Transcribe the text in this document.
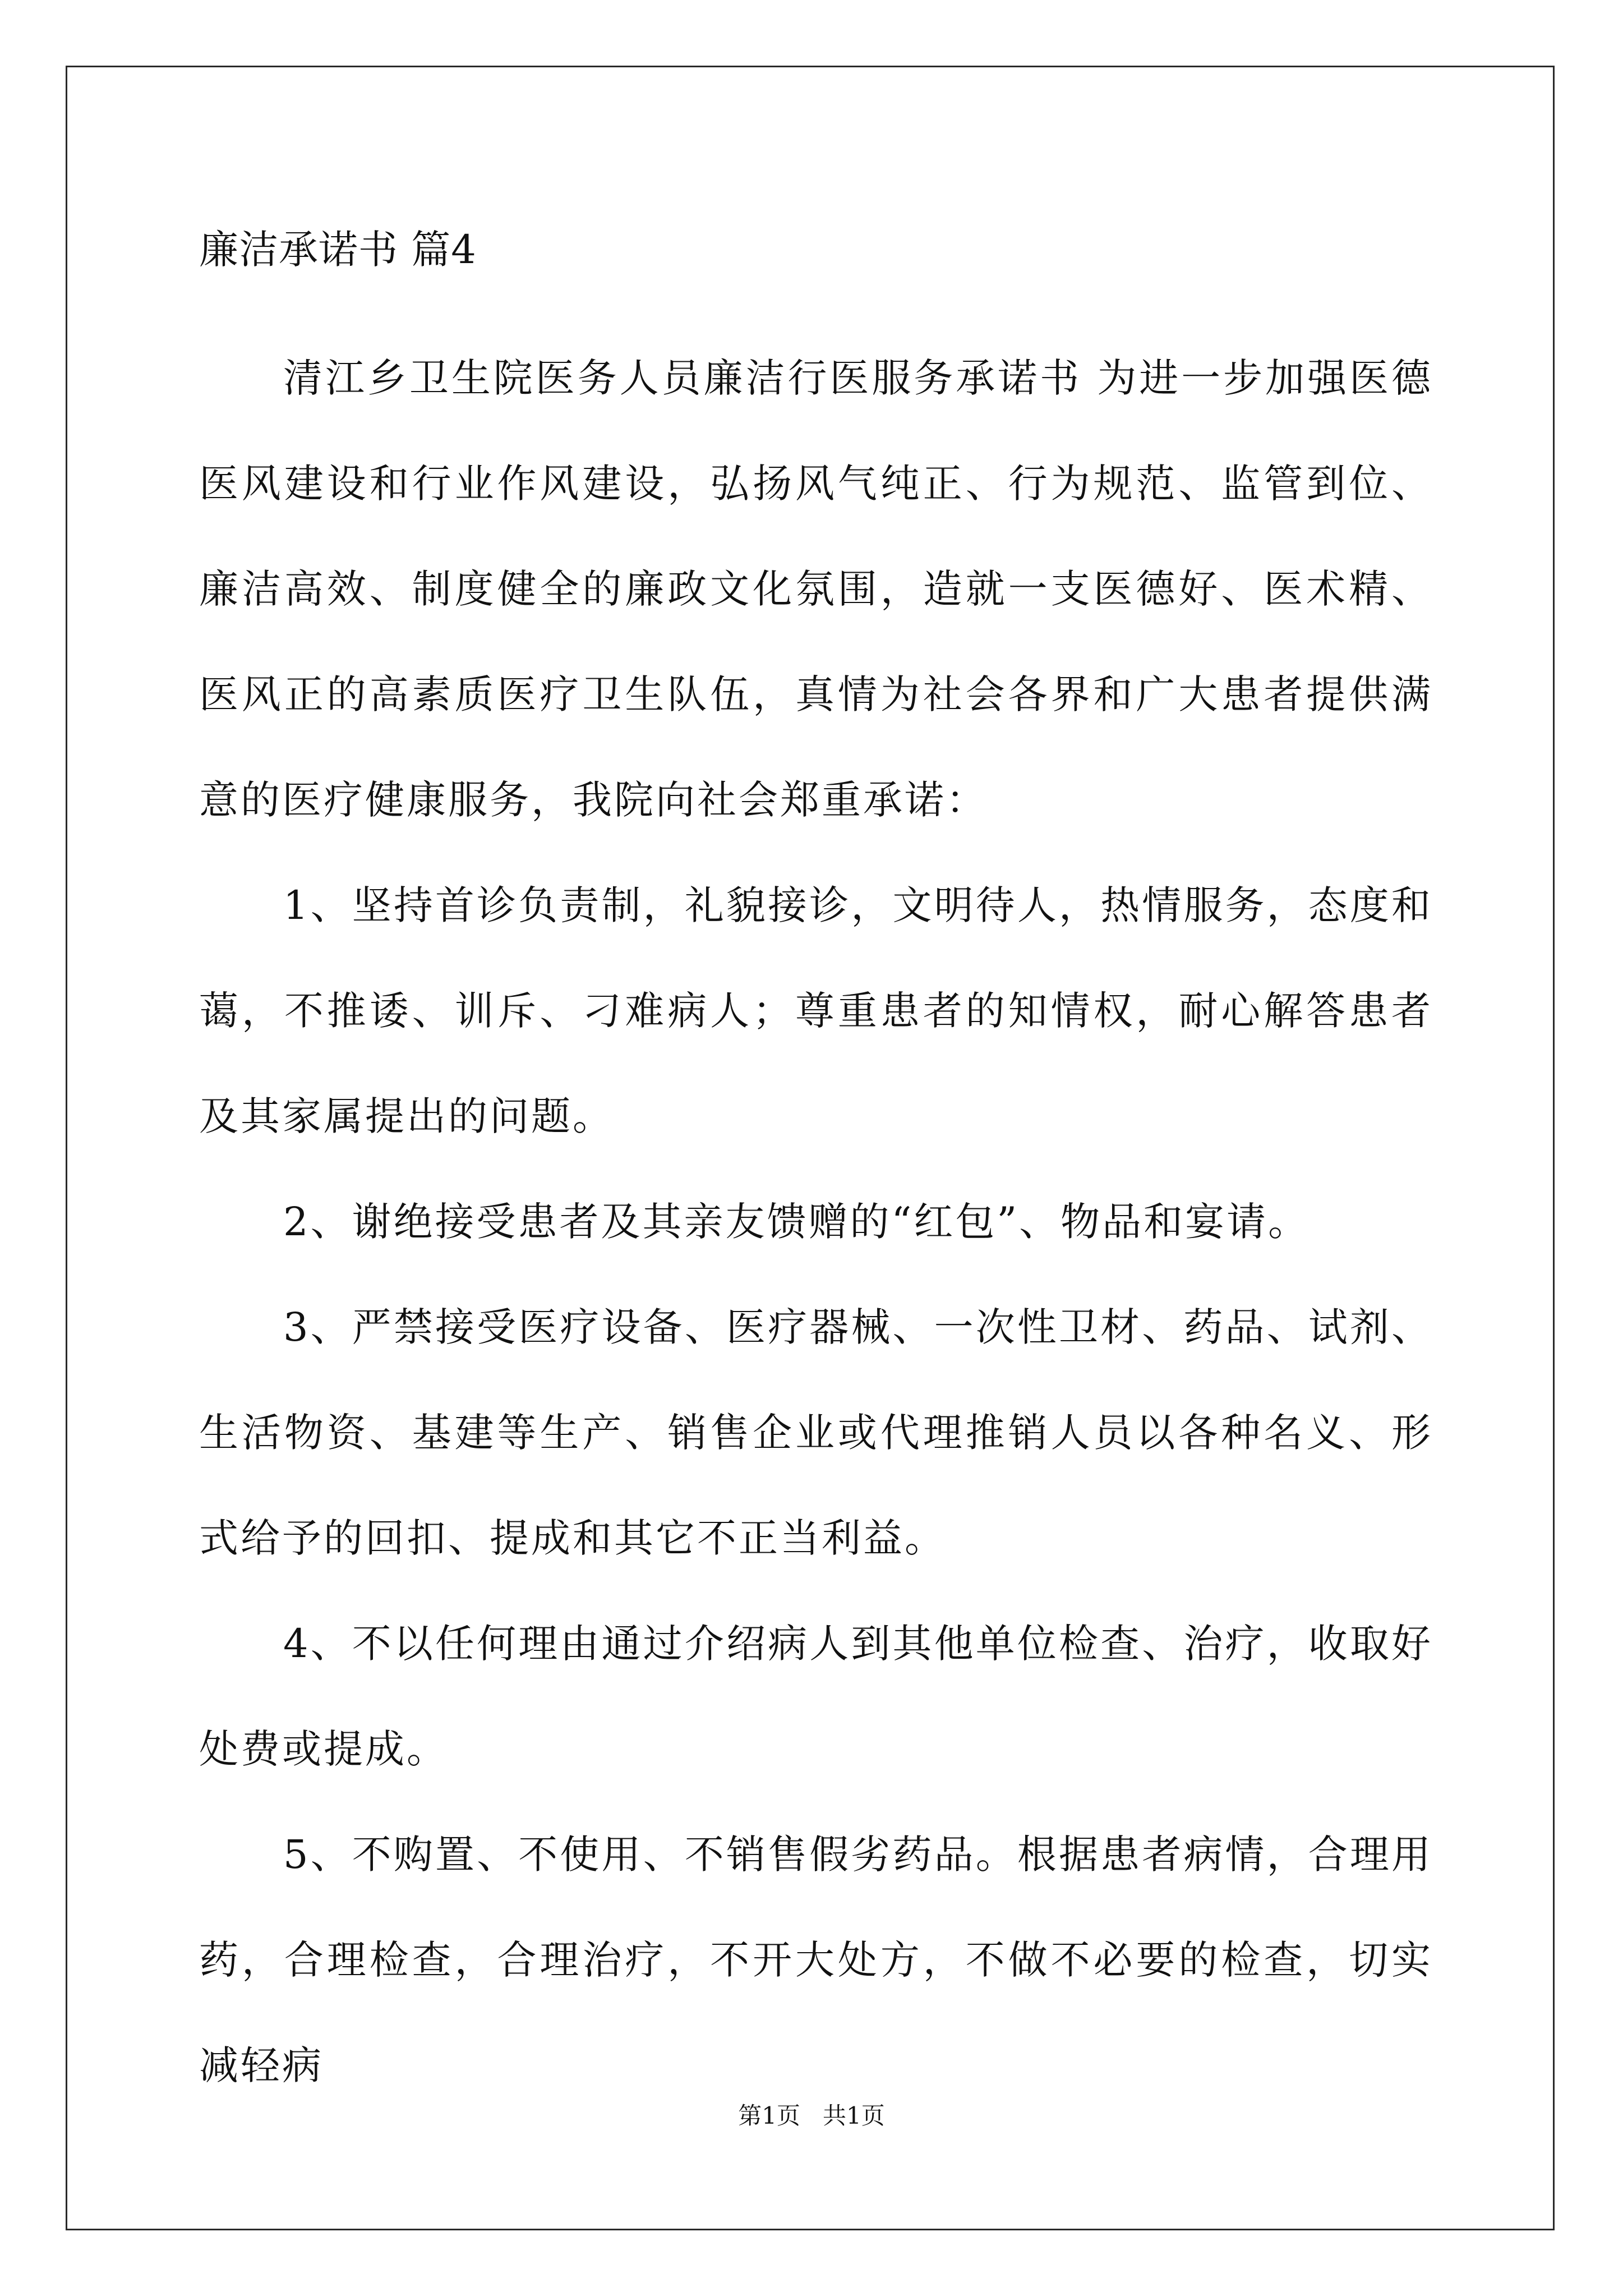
廉洁承诺书 篇4

清江乡卫生院医务人员廉洁行医服务承诺书 为进一步加强医德医风建设和行业作风建设，弘扬风气纯正、行为规范、监管到位、廉洁高效、制度健全的廉政文化氛围，造就一支医德好、医术精、医风正的高素质医疗卫生队伍，真情为社会各界和广大患者提供满意的医疗健康服务，我院向社会郑重承诺：

1、坚持首诊负责制，礼貌接诊，文明待人，热情服务，态度和蔼，不推诿、训斥、刁难病人；尊重患者的知情权，耐心解答患者及其家属提出的问题。

2、谢绝接受患者及其亲友馈赠的“红包”、物品和宴请。

3、严禁接受医疗设备、医疗器械、一次性卫材、药品、试剂、生活物资、基建等生产、销售企业或代理推销人员以各种名义、形式给予的回扣、提成和其它不正当利益。

4、不以任何理由通过介绍病人到其他单位检查、治疗，收取好处费或提成。

5、不购置、不使用、不销售假劣药品。根据患者病情，合理用药，合理检查，合理治疗，不开大处方，不做不必要的检查，切实减轻病

第1页   共1页
